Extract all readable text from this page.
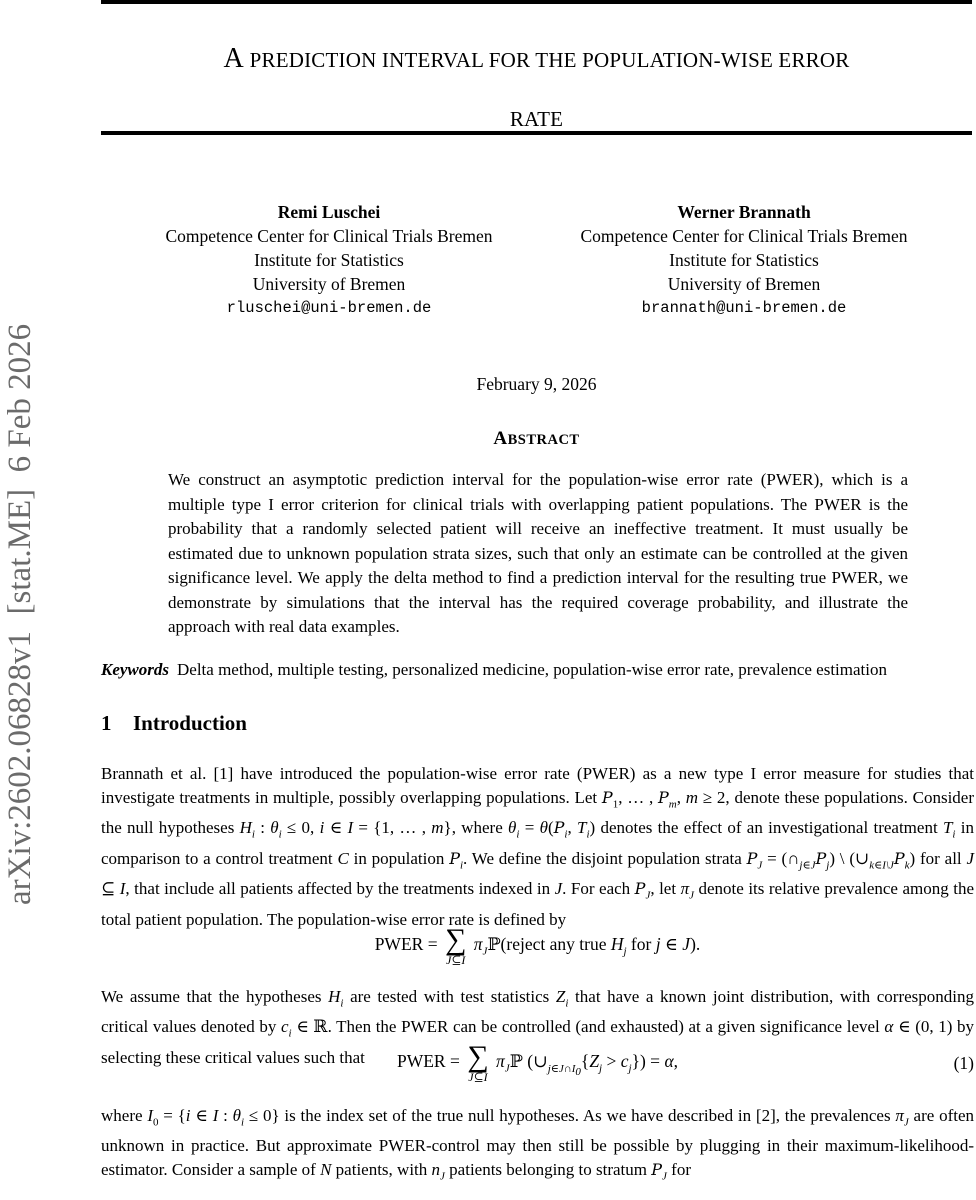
arXiv:2602.06828v1  [stat.ME]  6 Feb 2026
A PREDICTION INTERVAL FOR THE POPULATION-WISE ERROR
RATE
Remi Luschei
Competence Center for Clinical Trials Bremen
Institute for Statistics
University of Bremen
rluschei@uni-bremen.de
Werner Brannath
Competence Center for Clinical Trials Bremen
Institute for Statistics
University of Bremen
brannath@uni-bremen.de
February 9, 2026
ABSTRACT
We construct an asymptotic prediction interval for the population-wise error rate (PWER), which is a multiple type I error criterion for clinical trials with overlapping patient populations. The PWER is the probability that a randomly selected patient will receive an ineffective treatment. It must usually be estimated due to unknown population strata sizes, such that only an estimate can be controlled at the given significance level. We apply the delta method to find a prediction interval for the resulting true PWER, we demonstrate by simulations that the interval has the required coverage probability, and illustrate the approach with real data examples.
Keywords Delta method, multiple testing, personalized medicine, population-wise error rate, prevalence estimation
1 Introduction
Brannath et al. [1] have introduced the population-wise error rate (PWER) as a new type I error measure for studies that investigate treatments in multiple, possibly overlapping populations. Let $P_1$, … , $P_m$, m ≥ 2, denote these populations. Consider the null hypotheses $H_i$ : $\theta_i \le 0$, i ∈ I = {1, … , m}, where $\theta_i = \theta(P_i$, $T_i$) denotes the effect of an investigational treatment $T_i$ in comparison to a control treatment C in population $P_i$. We define the disjoint population strata $P_J$ = $(\cap_{j\in J}P_j)$ \ $(\cup_{k\in I\backslash J}P_k)$ for all J ⊆ I, that include all patients affected by the treatments indexed in J. For each $P_J$, let $\pi_J$ denote its relative prevalence among the total patient population. The population-wise error rate is defined by
PWER = ∑
J⊆I
$\pi_Jℙ(reject$ any true $H_j$ for j ∈ J).
We assume that the hypotheses $H_i$ are tested with test statistics $Z_i$ that have a known joint distribution, with corresponding critical values denoted by $c_i$ ∈ ℝ. Then the PWER can be controlled (and exhausted) at a given significance level α ∈ (0, 1) by selecting these critical values such that	PWER = ∑
J⊆I
$\pi_Jℙ$ $(\cup_{j\in J\cap I_0}\{Z_j > c_j\}) = \alpha$,	(1)
where $I_0 = \{i$ ∈ I : $\theta_i \le 0$} is the index set of the true null hypotheses. As we have described in [2], the prevalences $\pi_J$ are often unknown in practice. But approximate PWER-control may then still be possible by plugging in their maximum-likelihood-estimator. Consider a sample of N patients, with $n_J$ patients belonging to stratum $P_J$ for
